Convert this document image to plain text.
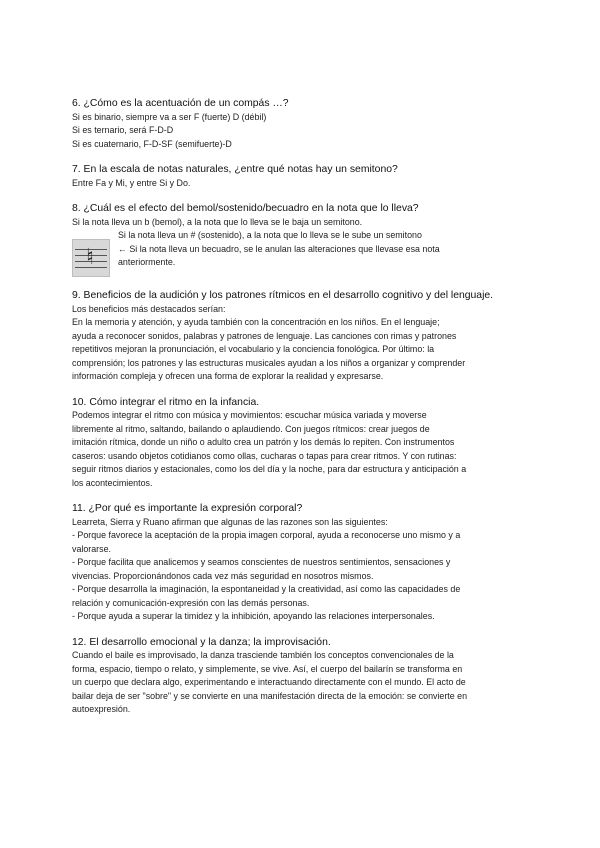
6. ¿Cómo es la acentuación de un compás …?

Si es binario, siempre va a ser F (fuerte) D (débil)
Si es ternario, será F-D-D
Si es cuaternario, F-D-SF (semifuerte)-D

7. En la escala de notas naturales, ¿entre qué notas hay un semitono?

Entre Fa y Mi, y entre Si y Do.

8. ¿Cuál es el efecto del bemol/sostenido/becuadro en la nota que lo lleva?

Si la nota lleva un b (bemol), a la nota que lo lleva se le baja un semitono.
♮
Si la nota lleva un # (sostenido), a la nota que lo lleva se le sube un semitono
← Si la nota lleva un becuadro, se le anulan las alteraciones que llevase esa nota
anteriormente.

9. Beneficios de la audición y los patrones rítmicos en el desarrollo cognitivo y del lenguaje.

Los beneficios más destacados serían:
En la memoria y atención, y ayuda también con la concentración en los niños. En el lenguaje;
ayuda a reconocer sonidos, palabras y patrones de lenguaje. Las canciones con rimas y patrones
repetitivos mejoran la pronunciación, el vocabulario y la conciencia fonológica. Por último: la
comprensión; los patrones y las estructuras musicales ayudan a los niños a organizar y comprender
información compleja y ofrecen una forma de explorar la realidad y expresarse.

10. Cómo integrar el ritmo en la infancia.

Podemos integrar el ritmo con música y movimientos: escuchar música variada y moverse
libremente al ritmo, saltando, bailando o aplaudiendo. Con juegos rítmicos: crear juegos de
imitación rítmica, donde un niño o adulto crea un patrón y los demás lo repiten. Con instrumentos
caseros: usando objetos cotidianos como ollas, cucharas o tapas para crear ritmos. Y con rutinas:
seguir ritmos diarios y estacionales, como los del día y la noche, para dar estructura y anticipación a
los acontecimientos.

11. ¿Por qué es importante la expresión corporal?

Learreta, Sierra y Ruano afirman que algunas de las razones son las siguientes:
- Porque favorece la aceptación de la propia imagen corporal, ayuda a reconocerse uno mismo y a
valorarse.
- Porque facilita que analicemos y seamos conscientes de nuestros sentimientos, sensaciones y
vivencias. Proporcionándonos cada vez más seguridad en nosotros mismos.
- Porque desarrolla la imaginación, la espontaneidad y la creatividad, así como las capacidades de
relación y comunicación-expresión con las demás personas.
- Porque ayuda a superar la timidez y la inhibición, apoyando las relaciones interpersonales.

12. El desarrollo emocional y la danza; la improvisación.

Cuando el baile es improvisado, la danza trasciende también los conceptos convencionales de la
forma, espacio, tiempo o relato, y simplemente, se vive. Así, el cuerpo del bailarín se transforma en
un cuerpo que declara algo, experimentando e interactuando directamente con el mundo. El acto de
bailar deja de ser "sobre" y se convierte en una manifestación directa de la emoción: se convierte en
autoexpresión.
